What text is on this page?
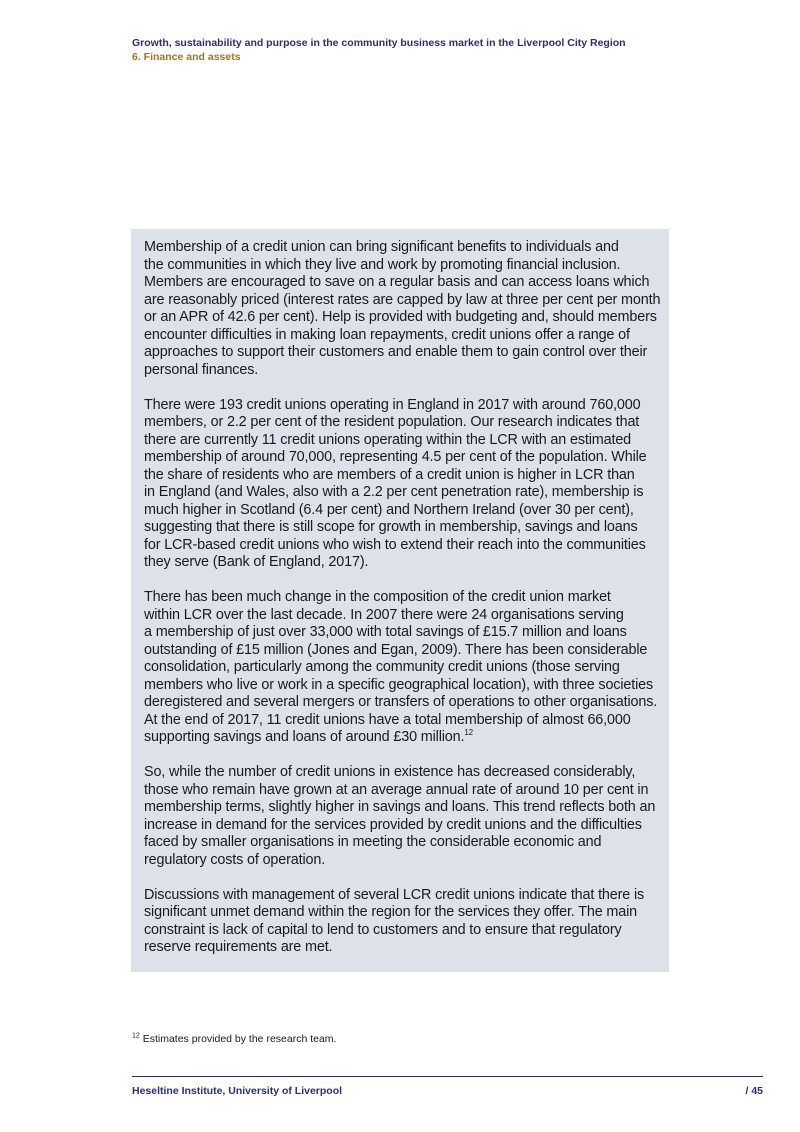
Growth, sustainability and purpose in the community business market in the Liverpool City Region
6. Finance and assets

Membership of a credit union can bring significant benefits to individuals and
the communities in which they live and work by promoting financial inclusion.
Members are encouraged to save on a regular basis and can access loans which
are reasonably priced (interest rates are capped by law at three per cent per month
or an APR of 42.6 per cent). Help is provided with budgeting and, should members
encounter difficulties in making loan repayments, credit unions offer a range of
approaches to support their customers and enable them to gain control over their
personal finances.

There were 193 credit unions operating in England in 2017 with around 760,000
members, or 2.2 per cent of the resident population. Our research indicates that
there are currently 11 credit unions operating within the LCR with an estimated
membership of around 70,000, representing 4.5 per cent of the population. While
the share of residents who are members of a credit union is higher in LCR than
in England (and Wales, also with a 2.2 per cent penetration rate), membership is
much higher in Scotland (6.4 per cent) and Northern Ireland (over 30 per cent),
suggesting that there is still scope for growth in membership, savings and loans
for LCR-based credit unions who wish to extend their reach into the communities
they serve (Bank of England, 2017).

There has been much change in the composition of the credit union market
within LCR over the last decade. In 2007 there were 24 organisations serving
a membership of just over 33,000 with total savings of £15.7 million and loans
outstanding of £15 million (Jones and Egan, 2009). There has been considerable
consolidation, particularly among the community credit unions (those serving
members who live or work in a specific geographical location), with three societies
deregistered and several mergers or transfers of operations to other organisations.
At the end of 2017, 11 credit unions have a total membership of almost 66,000
supporting savings and loans of around £30 million.$^{12}$

So, while the number of credit unions in existence has decreased considerably,
those who remain have grown at an average annual rate of around 10 per cent in
membership terms, slightly higher in savings and loans. This trend reflects both an
increase in demand for the services provided by credit unions and the difficulties
faced by smaller organisations in meeting the considerable economic and
regulatory costs of operation.

Discussions with management of several LCR credit unions indicate that there is
significant unmet demand within the region for the services they offer. The main
constraint is lack of capital to lend to customers and to ensure that regulatory
reserve requirements are met.

$^{12}$ Estimates provided by the research team.
Heseltine Institute, University of Liverpool	/ 45
